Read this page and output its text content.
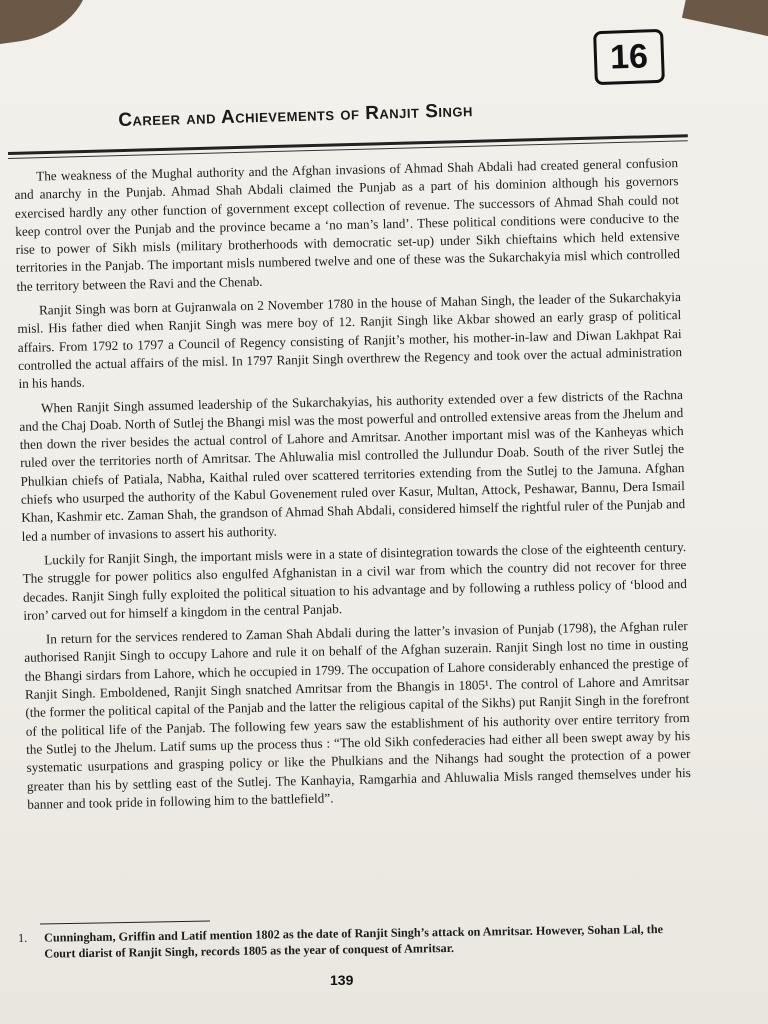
16
Career and Achievements of Ranjit Singh

The weakness of the Mughal authority and the Afghan invasions of Ahmad Shah Abdali had created general confusion and anarchy in the Punjab. Ahmad Shah Abdali claimed the Punjab as a part of his dominion although his governors exercised hardly any other function of government except collection of revenue. The successors of Ahmad Shah could not keep control over the Punjab and the province became a ‘no man’s land’. These political conditions were conducive to the rise to power of Sikh misls (military brotherhoods with democratic set-up) under Sikh chieftains which held extensive territories in the Panjab. The important misls numbered twelve and one of these was the Sukarchakyia misl which controlled the territory between the Ravi and the Chenab.

Ranjit Singh was born at Gujranwala on 2 November 1780 in the house of Mahan Singh, the leader of the Sukarchakyia misl. His father died when Ranjit Singh was mere boy of 12. Ranjit Singh like Akbar showed an early grasp of political affairs. From 1792 to 1797 a Council of Regency consisting of Ranjit’s mother, his mother-in-law and Diwan Lakhpat Rai controlled the actual affairs of the misl. In 1797 Ranjit Singh overthrew the Regency and took over the actual administration in his hands.

When Ranjit Singh assumed leadership of the Sukarchakyias, his authority extended over a few districts of the Rachna and the Chaj Doab. North of Sutlej the Bhangi misl was the most powerful and ontrolled extensive areas from the Jhelum and then down the river besides the actual control of Lahore and Amritsar. Another important misl was of the Kanheyas which ruled over the territories north of Amritsar. The Ahluwalia misl controlled the Jullundur Doab. South of the river Sutlej the Phulkian chiefs of Patiala, Nabha, Kaithal ruled over scattered territories extending from the Sutlej to the Jamuna. Afghan chiefs who usurped the authority of the Kabul Govenement ruled over Kasur, Multan, Attock, Peshawar, Bannu, Dera Ismail Khan, Kashmir etc. Zaman Shah, the grandson of Ahmad Shah Abdali, considered himself the rightful ruler of the Punjab and led a number of invasions to assert his authority.

Luckily for Ranjit Singh, the important misls were in a state of disintegration towards the close of the eighteenth century. The struggle for power politics also engulfed Afghanistan in a civil war from which the country did not recover for three decades. Ranjit Singh fully exploited the political situation to his advantage and by following a ruthless policy of ‘blood and iron’ carved out for himself a kingdom in the central Panjab.

In return for the services rendered to Zaman Shah Abdali during the latter’s invasion of Punjab (1798), the Afghan ruler authorised Ranjit Singh to occupy Lahore and rule it on behalf of the Afghan suzerain. Ranjit Singh lost no time in ousting the Bhangi sirdars from Lahore, which he occupied in 1799. The occupation of Lahore considerably enhanced the prestige of Ranjit Singh. Emboldened, Ranjit Singh snatched Amritsar from the Bhangis in 1805¹. The control of Lahore and Amritsar (the former the political capital of the Panjab and the latter the religious capital of the Sikhs) put Ranjit Singh in the forefront of the political life of the Panjab. The following few years saw the establishment of his authority over entire territory from the Sutlej to the Jhelum. Latif sums up the process thus : “The old Sikh confederacies had either all been swept away by his systematic usurpations and grasping policy or like the Phulkians and the Nihangs had sought the protection of a power greater than his by settling east of the Sutlej. The Kanhayia, Ramgarhia and Ahluwalia Misls ranged themselves under his banner and took pride in following him to the battlefield”.

1.	Cunningham, Griffin and Latif mention 1802 as the date of Ranjit Singh’s attack on Amritsar. However, Sohan Lal, the Court diarist of Ranjit Singh, records 1805 as the year of conquest of Amritsar.
139
